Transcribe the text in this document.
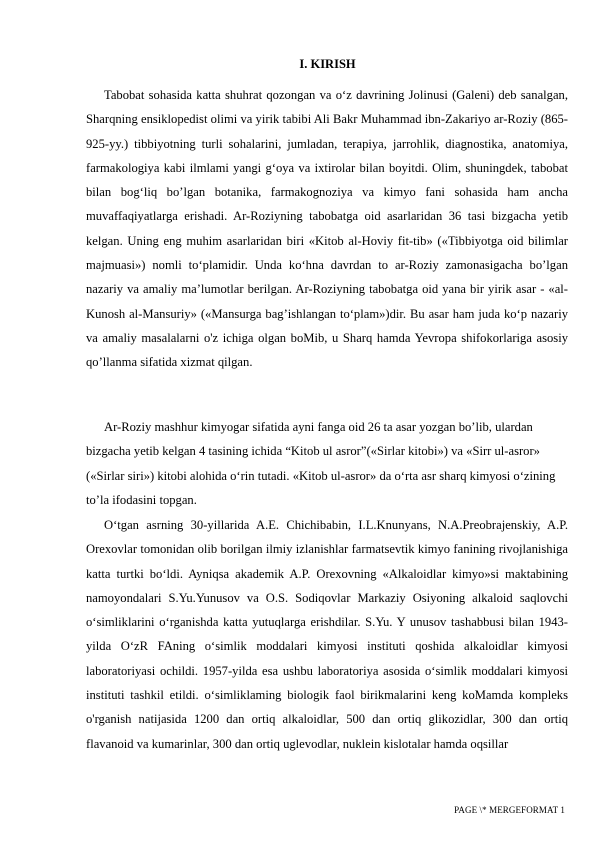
I. KIRISH

Tabobat sohasida katta shuhrat qozongan va o‘z davrining Jolinusi (Galeni) deb sanalgan, Sharqning ensiklopedist olimi va yirik tabibi Ali Bakr Muhammad ibn-Zakariyo ar-Roziy (865-925-yy.) tibbiyotning turli sohalarini, jumladan, terapiya, jarrohlik, diagnostika, anatomiya, farmakologiya kabi ilmlami yangi g‘oya va ixtirolar bilan boyitdi. Olim, shuningdek, tabobat bilan bog‘liq bo’lgan botanika, farmakognoziya va kimyo fani sohasida ham ancha muvaffaqiyatlarga erishadi. Ar-Roziyning tabobatga oid asarlaridan 36 tasi bizgacha yetib kelgan. Uning eng muhim asarlaridan biri «Kitob al-Hoviy fit-tib» («Tibbiyotga oid bilimlar majmuasi») nomli to‘plamidir. Unda ko‘hna davrdan to ar-Roziy zamonasigacha bo’lgan nazariy va amaliy ma’lumotlar berilgan. Ar-Roziyning tabobatga oid yana bir yirik asar - «al-Kunosh al-Mansuriy» («Mansurga bag’ishlangan to‘plam»)dir. Bu asar ham juda ko‘p nazariy va amaliy masalalarni o'z ichiga olgan boMib, u Sharq hamda Yevropa shifokorlariga asosiy qo’llanma sifatida xizmat qilgan.

Ar-Roziy mashhur kimyogar sifatida ayni fanga oid 26 ta asar yozgan bo’lib, ulardan bizgacha yetib kelgan 4 tasining ichida “Kitob ul asror”(«Sirlar kitobi») va «Sirr ul-asror» («Sirlar siri») kitobi alohida o‘rin tutadi. «Kitob ul-asror» da o‘rta asr sharq kimyosi o‘zining to’la ifodasini topgan.

O‘tgan asrning 30-yillarida A.E. Chichibabin, I.L.Knunyans, N.A.Preobrajenskiy, A.P. Orexovlar tomonidan olib borilgan ilmiy izlanishlar farmatsevtik kimyo fanining rivojlanishiga katta turtki bo‘ldi. Ayniqsa akademik A.P. Orexovning «Alkaloidlar kimyo»si maktabining namoyondalari S.Yu.Yunusov va O.S. Sodiqovlar Markaziy Osiyoning alkaloid saqlovchi o‘simliklarini o‘rganishda katta yutuqlarga erishdilar. S.Yu. Y unusov tashabbusi bilan 1943-yilda O‘zR FAning o‘simlik moddalari kimyosi instituti qoshida alkaloidlar kimyosi laboratoriyasi ochildi. 1957-yilda esa ushbu laboratoriya asosida o‘simlik moddalari kimyosi instituti tashkil etildi. o‘simliklaming biologik faol birikmalarini keng koMamda kompleks o'rganish natijasida 1200 dan ortiq alkaloidlar, 500 dan ortiq glikozidlar, 300 dan ortiq flavanoid va kumarinlar, 300 dan ortiq uglevodlar, nuklein kislotalar hamda oqsillar

PAGE \* MERGEFORMAT 1
